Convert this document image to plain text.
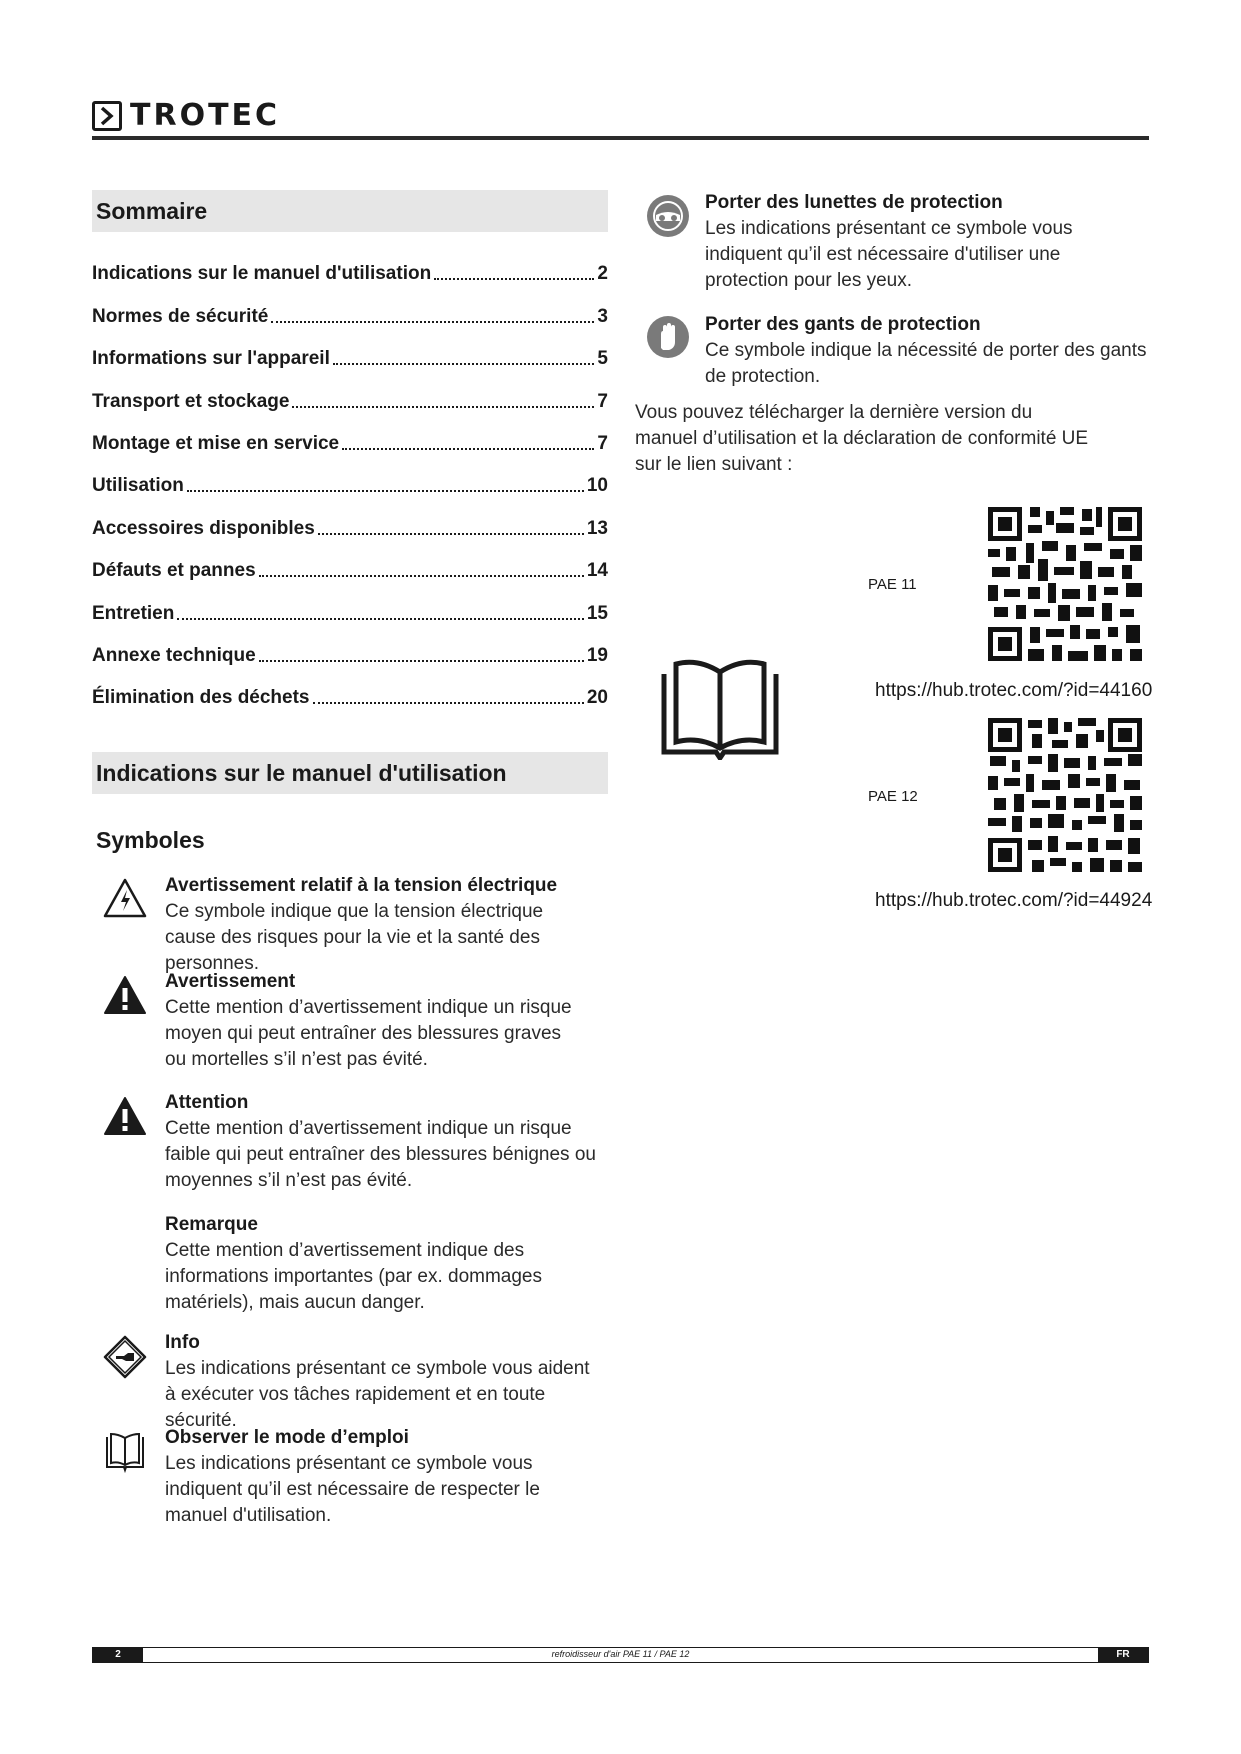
TROTEC
Sommaire
Indications sur le manuel d'utilisation	2
Normes de sécurité	3
Informations sur l'appareil	5
Transport et stockage	7
Montage et mise en service	7
Utilisation	10
Accessoires disponibles	13
Défauts et pannes	14
Entretien	15
Annexe technique	19
Élimination des déchets	20
Indications sur le manuel d'utilisation
Symboles
Avertissement relatif à la tension électrique
Ce symbole indique que la tension électrique cause des risques pour la vie et la santé des personnes.
Avertissement
Cette mention d’avertissement indique un risque moyen qui peut entraîner des blessures graves ou mortelles s’il n’est pas évité.
Attention
Cette mention d’avertissement indique un risque faible qui peut entraîner des blessures bénignes ou moyennes s’il n’est pas évité.
Remarque
Cette mention d’avertissement indique des informations importantes (par ex. dommages matériels), mais aucun danger.
Info
Les indications présentant ce symbole vous aident à exécuter vos tâches rapidement et en toute sécurité.
Observer le mode d’emploi
Les indications présentant ce symbole vous indiquent qu’il est nécessaire de respecter le manuel d'utilisation.
Porter des lunettes de protection
Les indications présentant ce symbole vous indiquent qu’il est nécessaire d'utiliser une protection pour les yeux.
Porter des gants de protection
Ce symbole indique la nécessité de porter des gants de protection.
Vous pouvez télécharger la dernière version du manuel d’utilisation et la déclaration de conformité UE sur le lien suivant :
PAE 11
https://hub.trotec.com/?id=44160
PAE 12
https://hub.trotec.com/?id=44924
refroidisseur d'air PAE 11 / PAE 12
2	FR
